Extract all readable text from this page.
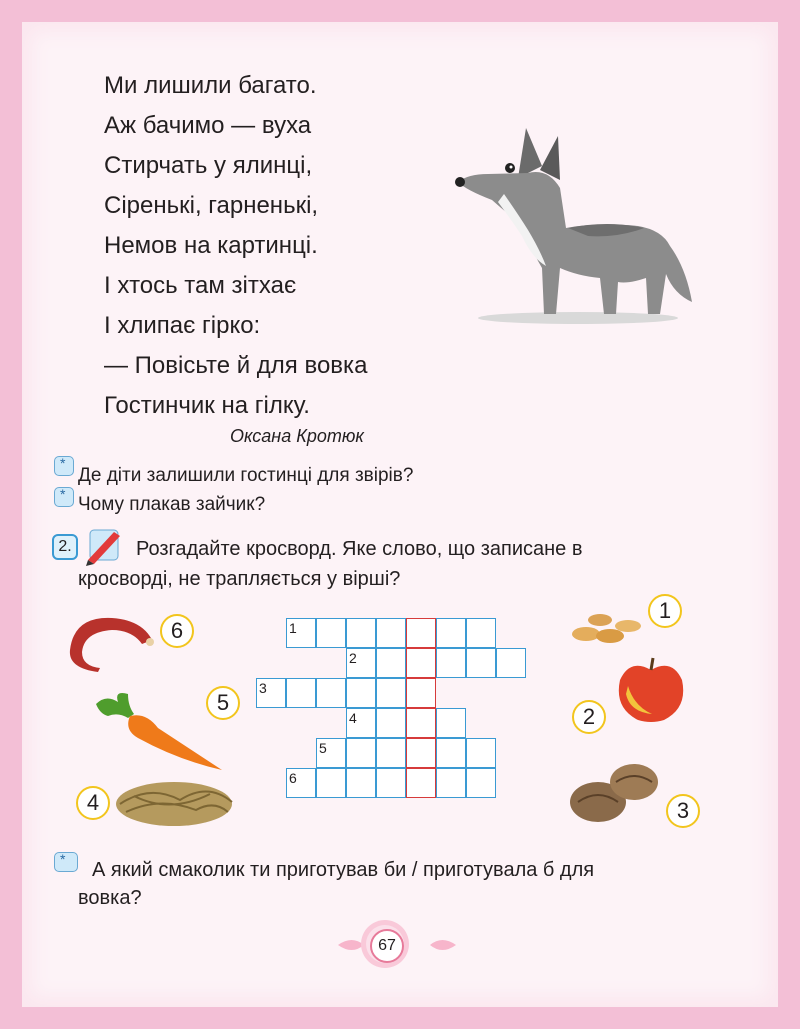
Ми лишили багато.
Аж бачимо — вуха
Стирчать у ялинці,
Сіренькі, гарненькі,
Немов на картинці.
І хтось там зітхає
І хлипає гірко:
— Повісьте й для вовка
Гостинчик на гілку.
Оксана Кротюк
*
Де діти залишили гостинці для звірів?
*
Чому плакав зайчик?
2.	Розгадайте кросворд. Яке слово, що записане в
кросворді, не трапляється у вірші?
1
2
3
4
5
6
6
5
4
1
2
3
*
А який смаколик ти приготував би / приготувала б для
вовка?
67
